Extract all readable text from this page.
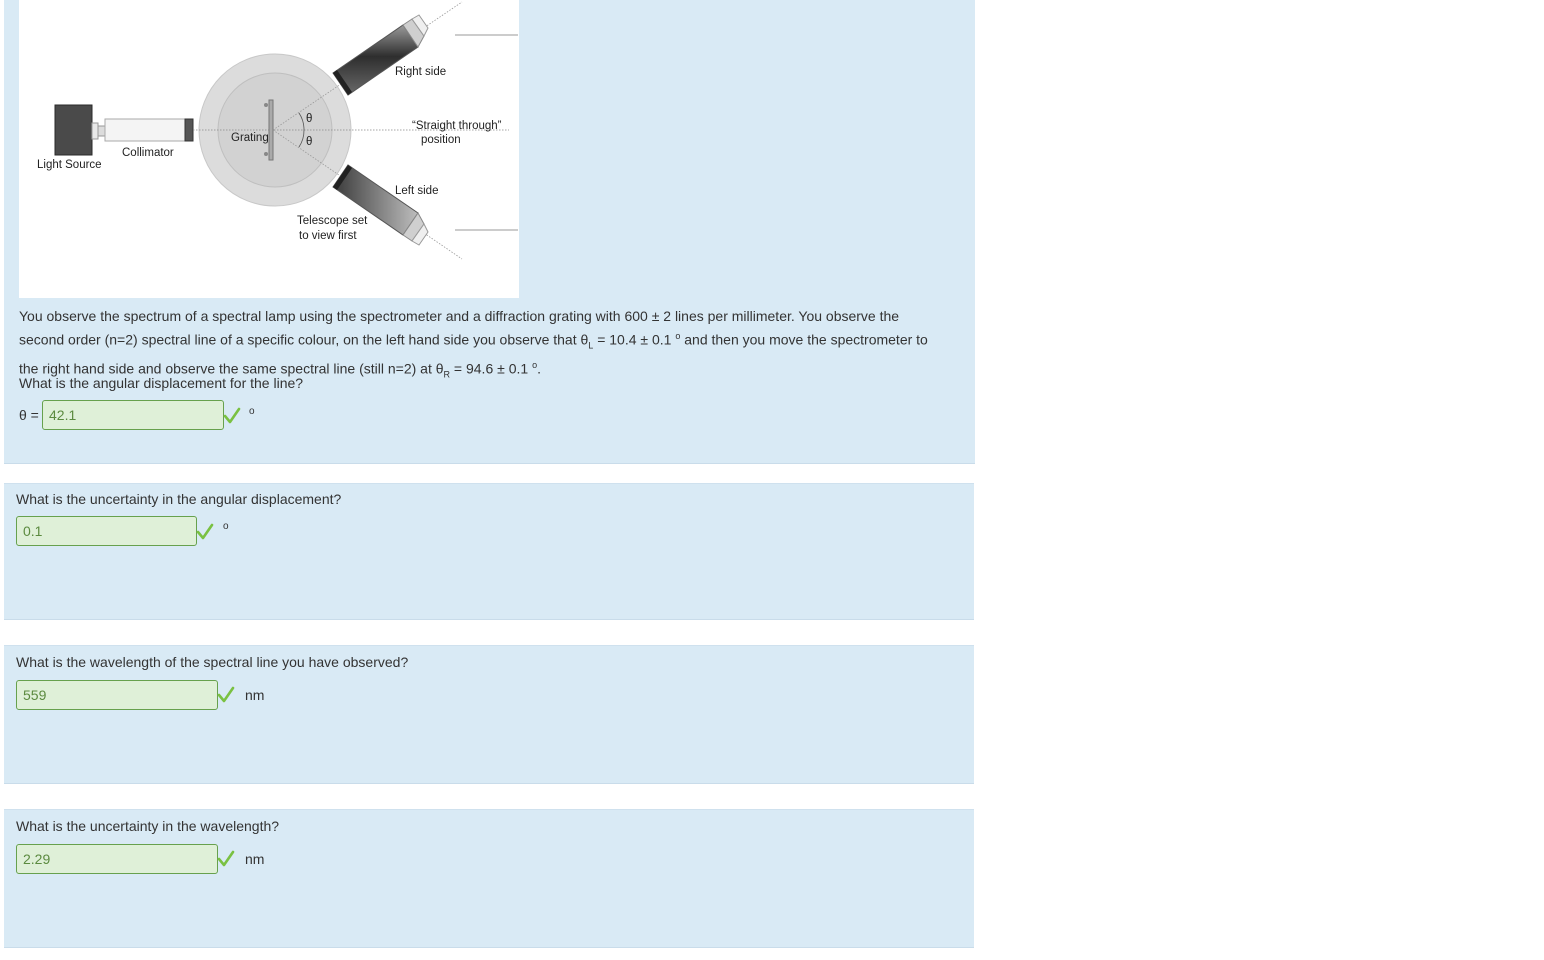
Light Source
Collimator
Grating
θ
θ
Right side
“Straight through”
position
Left side
Telescope set
to view first
You observe the spectrum of a spectral lamp using the spectrometer and a diffraction grating with 600 ± 2 lines per millimeter. You observe the
second order (n=2) spectral line of a specific colour, on the left hand side you observe that $\theta_L = 10.4 \pm 0.1$ $^o$ and then you move the spectrometer to
the right hand side and observe the same spectral line (still n=2) at $\theta_R = 94.6 \pm 0.1$ $^o$.
What is the angular displacement for the line?
θ =
42.1	o
What is the uncertainty in the angular displacement?
0.1
o
What is the wavelength of the spectral line you have observed?
559
nm
What is the uncertainty in the wavelength?
2.29
nm
